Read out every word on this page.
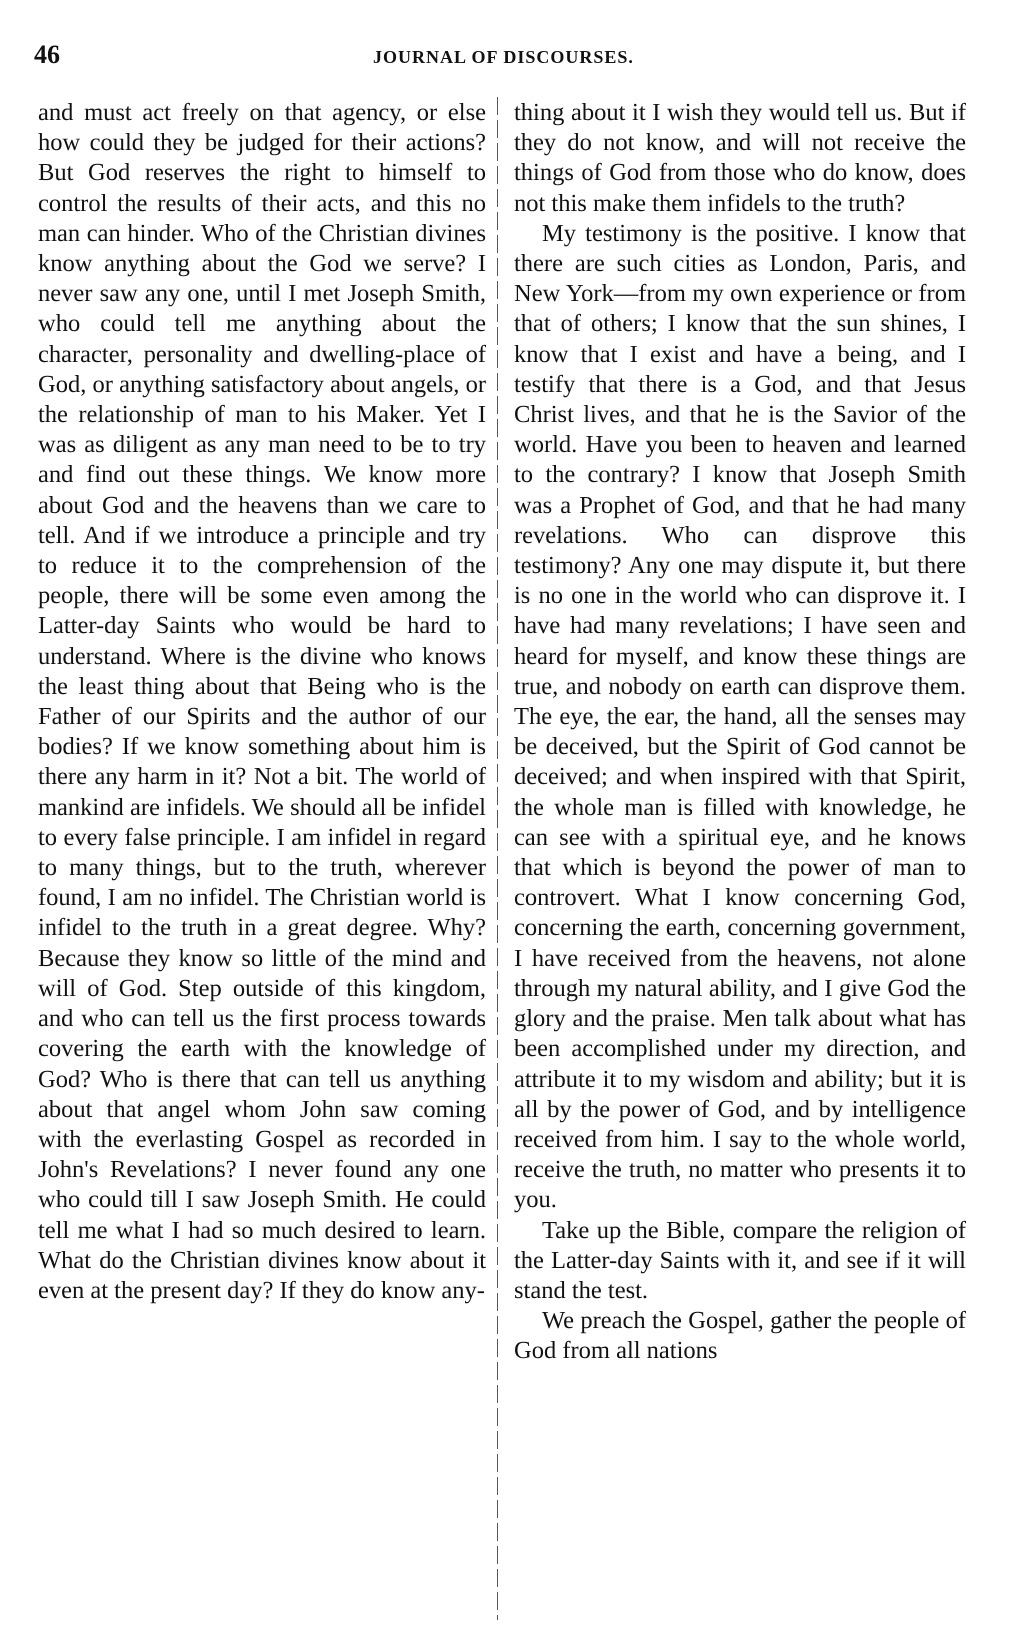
46	JOURNAL OF DISCOURSES.

and must act freely on that agency, or else how could they be judged for their actions? But God reserves the right to himself to control the results of their acts, and this no man can hinder. Who of the Christian divines know anything about the God we serve? I never saw any one, until I met Joseph Smith, who could tell me anything about the character, personality and dwelling-place of God, or anything satisfactory about angels, or the relationship of man to his Maker. Yet I was as diligent as any man need to be to try and find out these things. We know more about God and the heavens than we care to tell. And if we introduce a principle and try to reduce it to the comprehension of the people, there will be some even among the Latter-day Saints who would be hard to understand. Where is the divine who knows the least thing about that Being who is the Father of our Spirits and the author of our bodies? If we know something about him is there any harm in it? Not a bit. The world of mankind are infidels. We should all be infidel to every false principle. I am infidel in regard to many things, but to the truth, wherever found, I am no infidel. The Christian world is infidel to the truth in a great degree. Why? Because they know so little of the mind and will of God. Step outside of this kingdom, and who can tell us the first process towards covering the earth with the knowledge of God? Who is there that can tell us anything about that angel whom John saw coming with the everlasting Gospel as recorded in John's Revelations? I never found any one who could till I saw Joseph Smith. He could tell me what I had so much desired to learn. What do the Christian divines know about it even at the present day? If they do know any-

thing about it I wish they would tell us. But if they do not know, and will not receive the things of God from those who do know, does not this make them infidels to the truth?

My testimony is the positive. I know that there are such cities as London, Paris, and New York—from my own experience or from that of others; I know that the sun shines, I know that I exist and have a being, and I testify that there is a God, and that Jesus Christ lives, and that he is the Savior of the world. Have you been to heaven and learned to the contrary? I know that Joseph Smith was a Prophet of God, and that he had many revelations. Who can disprove this testimony? Any one may dispute it, but there is no one in the world who can disprove it. I have had many revelations; I have seen and heard for myself, and know these things are true, and nobody on earth can disprove them. The eye, the ear, the hand, all the senses may be deceived, but the Spirit of God cannot be deceived; and when inspired with that Spirit, the whole man is filled with knowledge, he can see with a spiritual eye, and he knows that which is beyond the power of man to controvert. What I know concerning God, concerning the earth, concerning government, I have received from the heavens, not alone through my natural ability, and I give God the glory and the praise. Men talk about what has been accomplished under my direction, and attribute it to my wisdom and ability; but it is all by the power of God, and by intelligence received from him. I say to the whole world, receive the truth, no matter who presents it to you.

Take up the Bible, compare the religion of the Latter-day Saints with it, and see if it will stand the test.

We preach the Gospel, gather the people of God from all nations
